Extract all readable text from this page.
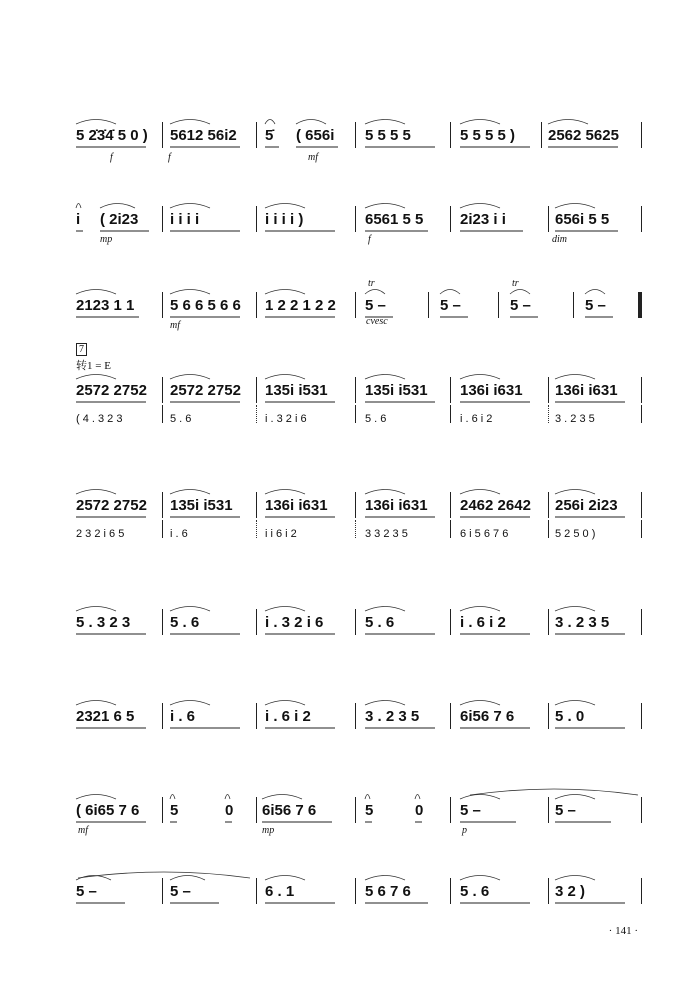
7
转1 = E
5 2̇3̇4̇ 5 0 ) 5612 56i2 5̇ ( 656i 5 5 5 5	5 5 5 5 ) 2562 5625
f	f	mf
i ( 2i23 i i i i	i i i i )	6561 5 5 2i23 i i	656i 5 5
mp	f	dim
2123 1 1 5 6 6 5 6 6 1 2 2 1 2 2 5 –	5 –	5 –	5 –
mf	cvesc
tr	tr
2572 2752 2572 2752 135i i531 135i i531 136i i631 136i i631
( 4 . 3 2 3	5 . 6	i . 3 2 i 6	5 . 6	i . 6 i 2	3 . 2 3 5
2572 2752 135i i531 136i i631 136i i631 2462 2642 256i 2i23
2 3 2 i 6 5	i . 6	i i 6 i 2	3 3 2 3 5	6 i 5 6 7 6	5 2 5 0 )
5 . 3 2 3	5 . 6	i . 3 2 i 6	5 . 6	i . 6 i 2	3 . 2 3 5
2321 6 5 i . 6	i . 6 i 2	3 . 2 3 5	6i56 7 6	5 . 0
( 6i65 7 6 5	0 6i56 7 6	5	0 5 –	5 –
mf	mp	p
5 –	5 –	6 . 1	5 6 7 6	5 . 6	3 2 )
· 141 ·
